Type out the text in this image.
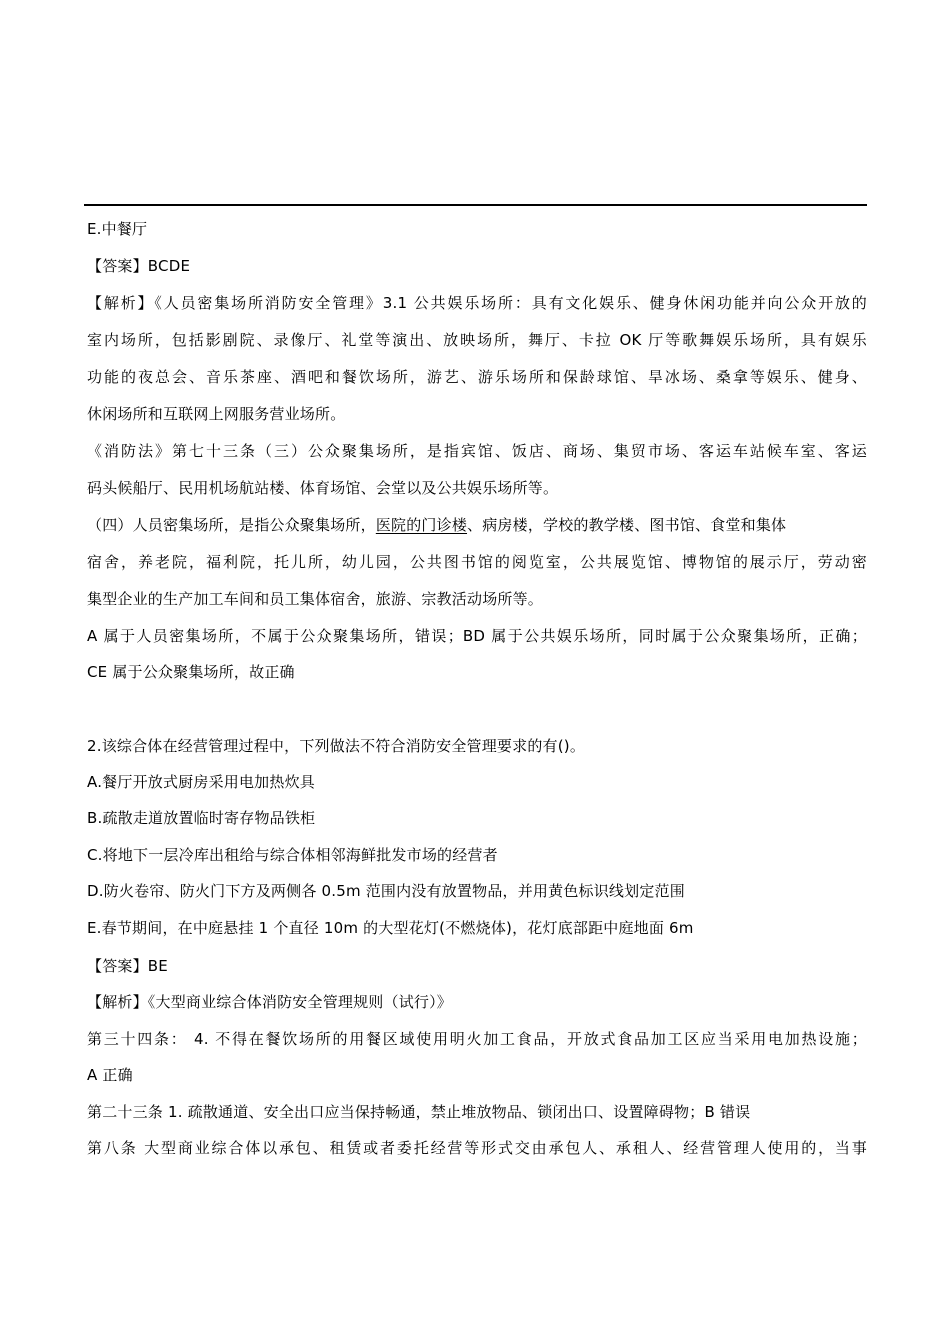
E.中餐厅
【答案】BCDE
【解析】《人员密集场所消防安全管理》3.1 公共娱乐场所：具有文化娱乐、健身休闲功能并向公众开放的
室内场所，包括影剧院、录像厅、礼堂等演出、放映场所，舞厅、卡拉 OK 厅等歌舞娱乐场所，具有娱乐
功能的夜总会、音乐茶座、酒吧和餐饮场所，游艺、游乐场所和保龄球馆、旱冰场、桑拿等娱乐、健身、
休闲场所和互联网上网服务营业场所。
《消防法》第七十三条（三）公众聚集场所，是指宾馆、饭店、商场、集贸市场、客运车站候车室、客运
码头候船厅、民用机场航站楼、体育场馆、会堂以及公共娱乐场所等。
（四）人员密集场所，是指公众聚集场所，医院的门诊楼、病房楼，学校的教学楼、图书馆、食堂和集体
宿舍，养老院，福利院，托儿所，幼儿园，公共图书馆的阅览室，公共展览馆、博物馆的展示厅，劳动密
集型企业的生产加工车间和员工集体宿舍，旅游、宗教活动场所等。
A 属于人员密集场所，不属于公众聚集场所，错误；BD 属于公共娱乐场所，同时属于公众聚集场所，正确；
CE 属于公众聚集场所，故正确
2.该综合体在经营管理过程中，下列做法不符合消防安全管理要求的有()。
A.餐厅开放式厨房采用电加热炊具
B.疏散走道放置临时寄存物品铁柜
C.将地下一层冷库出租给与综合体相邻海鲜批发市场的经营者
D.防火卷帘、防火门下方及两侧各 0.5m 范围内没有放置物品，并用黄色标识线划定范围
E.春节期间，在中庭悬挂 1 个直径 10m 的大型花灯(不燃烧体)，花灯底部距中庭地面 6m
【答案】BE
【解析】《大型商业综合体消防安全管理规则（试行）》
第三十四条： 4. 不得在餐饮场所的用餐区域使用明火加工食品，开放式食品加工区应当采用电加热设施；
A 正确
第二十三条 1. 疏散通道、安全出口应当保持畅通，禁止堆放物品、锁闭出口、设置障碍物；B 错误
第八条 大型商业综合体以承包、租赁或者委托经营等形式交由承包人、承租人、经营管理人使用的，当事
